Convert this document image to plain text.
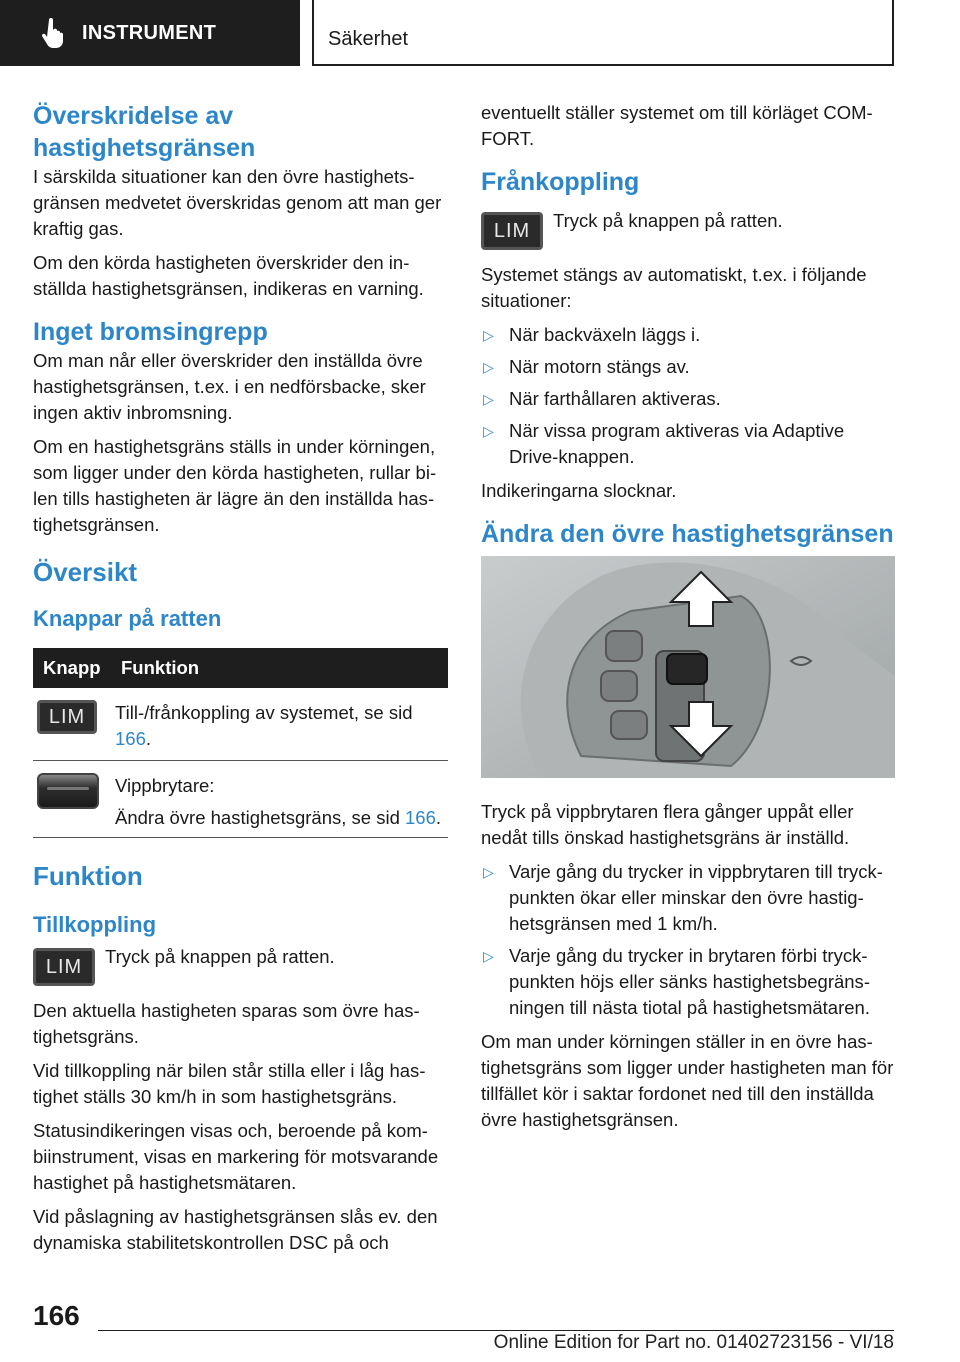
INSTRUMENT	Säkerhet
Överskridelse av hastighetsgränsen

I särskilda situationer kan den övre hastighetsgränsen medvetet överskridas genom att man ger kraftig gas.

Om den körda hastigheten överskrider den inställda hastighetsgränsen, indikeras en varning.

Inget bromsingrepp

Om man når eller överskrider den inställda övre hastighetsgränsen, t.ex. i en nedförsbacke, sker ingen aktiv inbromsning.

Om en hastighetsgräns ställs in under körningen, som ligger under den körda hastigheten, rullar bilen tills hastigheten är lägre än den inställda hastighetsgränsen.

Översikt
Knappar på ratten
Knapp	Funktion
LIM	Till-/frånkoppling av systemet, se sid 166.

	Vippbrytare:
Ändra övre hastighetsgräns, se sid 166.
Funktion
Tillkoppling
LIM	Tryck på knappen på ratten.

Den aktuella hastigheten sparas som övre hastighetsgräns.

Vid tillkoppling när bilen står stilla eller i låg hastighet ställs 30 km/h in som hastighetsgräns.

Statusindikeringen visas och, beroende på kombiinstrument, visas en markering för motsvarande hastighet på hastighetsmätaren.

Vid påslagning av hastighetsgränsen slås ev. den dynamiska stabilitetskontrollen DSC på och

eventuellt ställer systemet om till körläget COMFORT.

Frånkoppling
LIM	Tryck på knappen på ratten.

Systemet stängs av automatiskt, t.ex. i följande situationer:

▷ När backväxeln läggs i.
▷ När motorn stängs av.
▷ När farthållaren aktiveras.
▷ När vissa program aktiveras via Adaptive Drive-knappen.

Indikeringarna slocknar.

Ändra den övre hastighetsgränsen

Tryck på vippbrytaren flera gånger uppåt eller nedåt tills önskad hastighetsgräns är inställd.

▷ Varje gång du trycker in vippbrytaren till tryckpunkten ökar eller minskar den övre hastighetsgränsen med 1 km/h.
▷ Varje gång du trycker in brytaren förbi tryckpunkten höjs eller sänks hastighetsbegränsningen till nästa tiotal på hastighetsmätaren.

Om man under körningen ställer in en övre hastighetsgräns som ligger under hastigheten man för tillfället kör i saktar fordonet ned till den inställda övre hastighetsgränsen.

166
Online Edition for Part no. 01402723156 - VI/18
